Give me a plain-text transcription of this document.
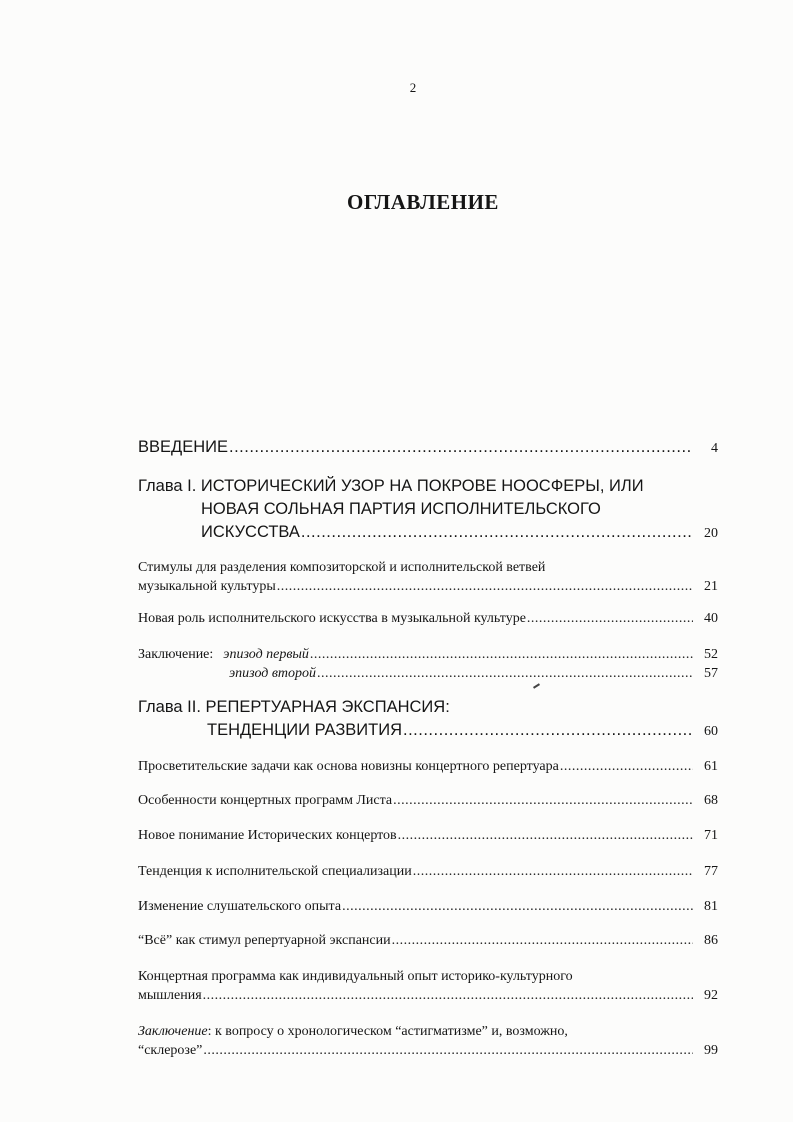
2
ОГЛАВЛЕНИЕ
ВВЕДЕНИЕ .....	4
Глава I. ИСТОРИЧЕСКИЙ УЗОР НА ПОКРОВЕ НООСФЕРЫ, ИЛИ
НОВАЯ СОЛЬНАЯ ПАРТИЯ ИСПОЛНИТЕЛЬСКОГО
ИСКУССТВА .....	20
Стимулы для разделения композиторской и исполнительской ветвей
музыкальной культуры .....	21
Новая роль исполнительского искусства в музыкальной культуре .....	40
Заключение: эпизод первый .....	52
эпизод второй .....	57
Глава II. РЕПЕРТУАРНАЯ ЭКСПАНСИЯ:
ТЕНДЕНЦИИ РАЗВИТИЯ .....	60
Просветительские задачи как основа новизны концертного репертуара .....	61
Особенности концертных программ Листа .....	68
Новое понимание Исторических концертов .....	71
Тенденция к исполнительской специализации .....	77
Изменение слушательского опыта .....	81
“Всё” как стимул репертуарной экспансии .....	86
Концертная программа как индивидуальный опыт историко-культурного
мышления .....	92
Заключение: к вопросу о хронологическом “астигматизме” и, возможно,
“склерозе” .....	99
